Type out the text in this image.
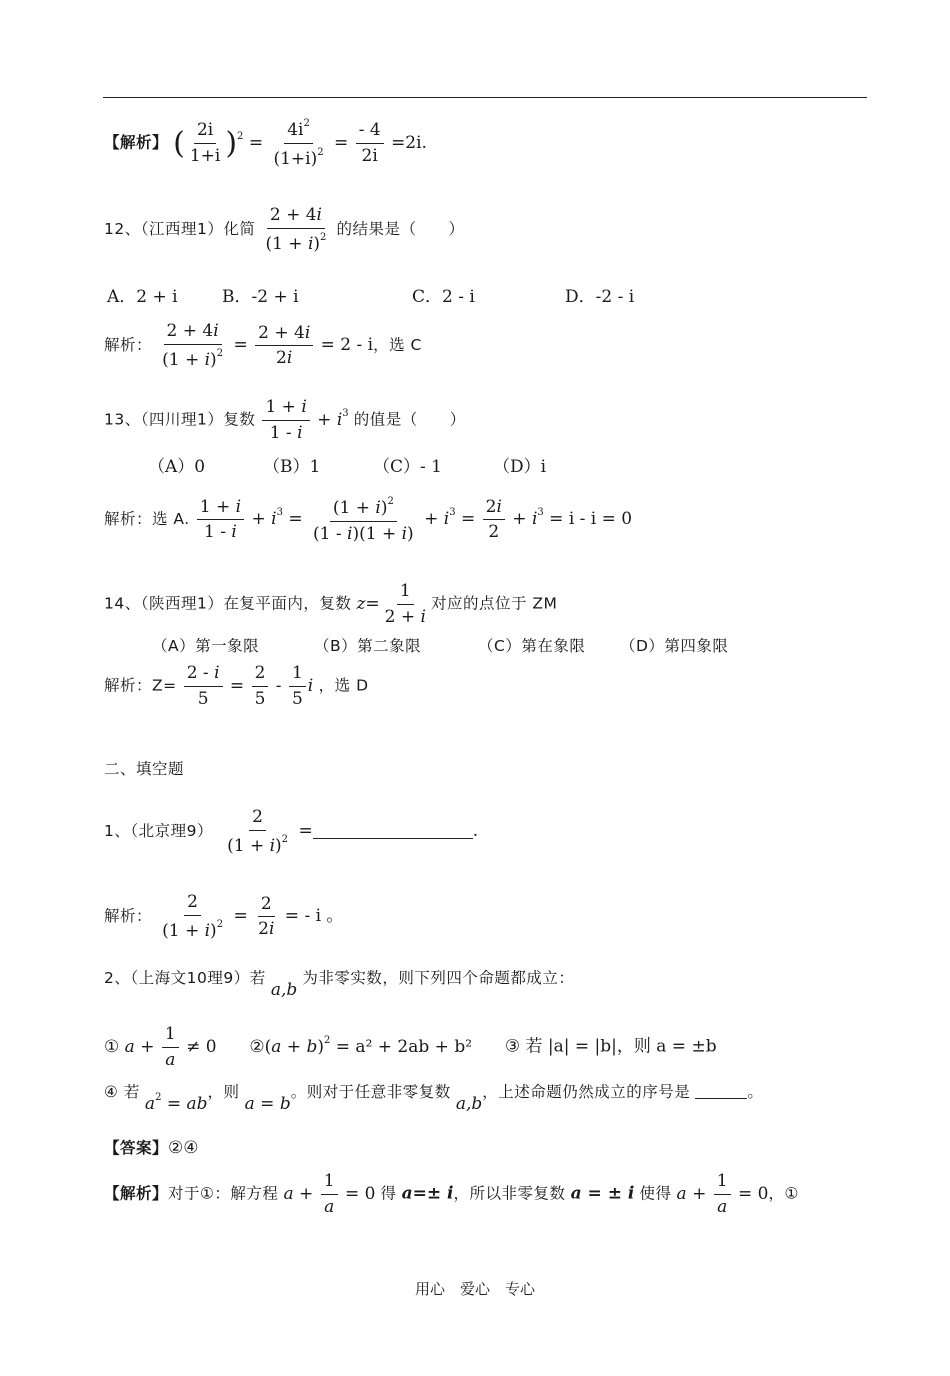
【解析】 ( $\frac{2i}{1+i} )^2 = \frac{4i^2}{(1+i)^2} = \frac{- 4}{2i} =2i$.
12、（江西理1）化简 $\frac{2 + 4i}{(1 + i)^2}$ 的结果是（　　）
A．2 + i	B．-2 + i	C．2 - i	D．-2 - i
解析： $\frac{2 + 4i}{(1 + i)^2} = \frac{2 + 4i}{2i} = 2 - i$，选 C
13、（四川理1）复数 $\frac{1 + i}{1 - i} + i^3$ 的值是（　　）
（A）0	（B）1	（C）- 1	（D）i
解析：选 A. $\frac{1 + i}{1 - i} + i^3 = \frac{(1 + i)^2}{(1 - i)(1 + i)} + i^3 = \frac{2i}{2} + i^3 = i - i = 0$
14、（陕西理1）在复平面内，复数 $z= \frac{1}{2 + i}$ 对应的点位于 ZM
（A）第一象限	（B）第二象限	（C）第在象限 （D）第四象限
解析：$Z= \frac{2 - i}{5} = \frac{2}{5} - \frac{1}{5}$ i ，选 D
二、填空题
1、（北京理$9) \frac{2}{(1 + i)^2}$ =	.
解析： $\frac{2}{(1 + i)^2} = \frac{2}{2i}$ = - i 。
2、（上海文10理9）若 a,b 为非零实数，则下列四个命题都成立：
① $a + \frac{1}{a} \ne 0$ ②(a + b)$^2$ = a² + 2ab + b² ③ 若 |a| = |b|，则 a = ±b
④ 若 $a^2$ = ab，则 a = b。则对于任意非零复数 a,b，上述命题仍然成立的序号是	。
【答案】②④
【解析】对于①：解方程 $a + \frac{1}{a} = 0$ 得 a=± i，所以非零复数 a = ± i 使得 $a + \frac{1}{a} = 0$，①
用心　爱心　专心
